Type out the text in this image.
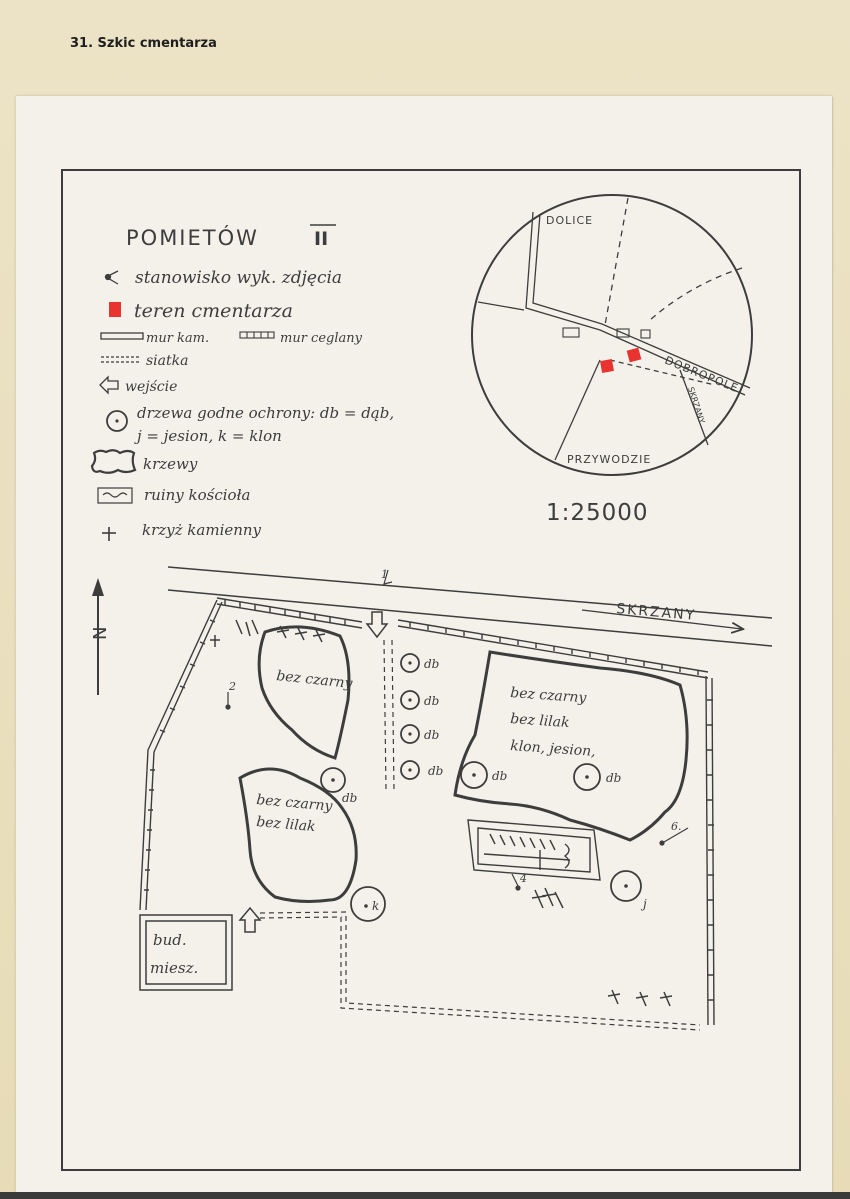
31. Szkic cmentarza
POMIETÓW	II
stanowisko wyk. zdjęcia
teren cmentarza
mur kam.	mur ceglany
siatka
wejście
drzewa godne ochrony: db = dąb,
j = jesion, k = klon
krzewy
ruiny kościoła
krzyż kamienny
DOLICE
DOBROPOLE
PRZYWODZIE
SKRZANY
1:25000
N
SKRZANY
bez czarny
bez czarny
bez lilak
bez czarny
bez lilak
klon, jesion,
db
db
db
db	db	db
db
k	j
1
2
4
6.
bud.
miesz.
